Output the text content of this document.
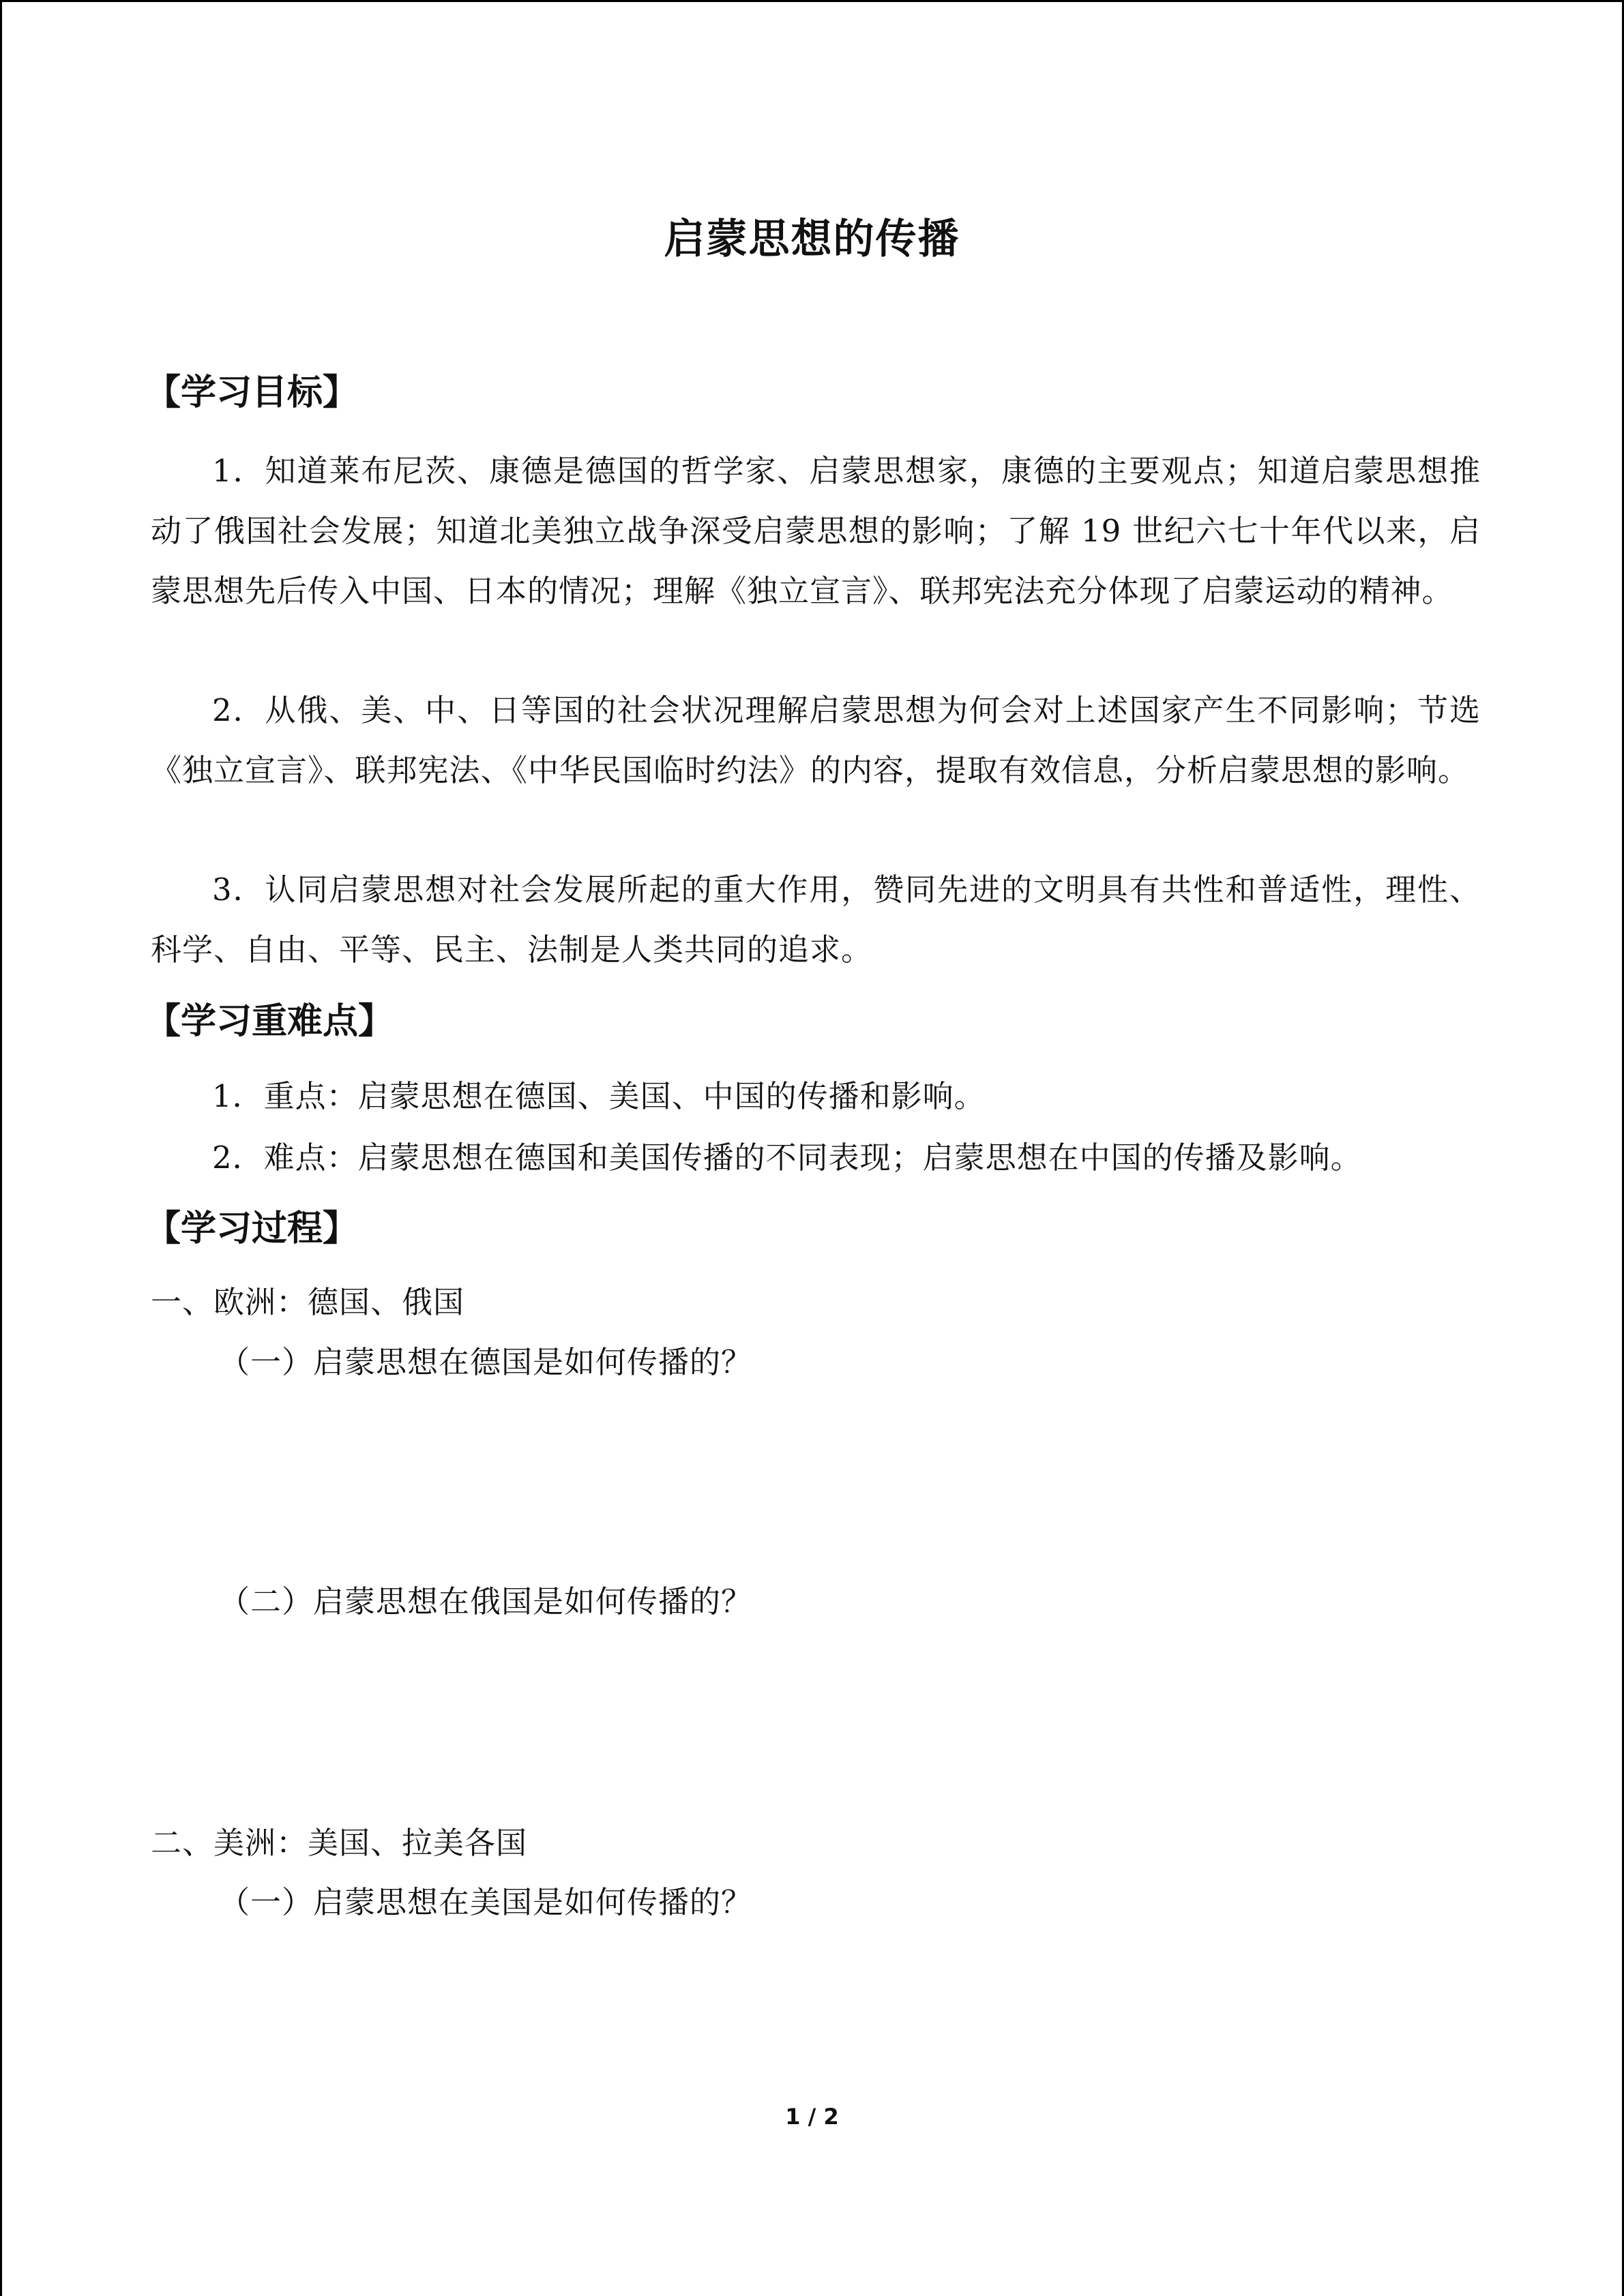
启蒙思想的传播
【学习目标】
1．知道莱布尼茨、康德是德国的哲学家、启蒙思想家，康德的主要观点；知道启蒙思想推动了俄国社会发展；知道北美独立战争深受启蒙思想的影响；了解 19 世纪六七十年代以来，启蒙思想先后传入中国、日本的情况；理解《独立宣言》、联邦宪法充分体现了启蒙运动的精神。
2．从俄、美、中、日等国的社会状况理解启蒙思想为何会对上述国家产生不同影响；节选《独立宣言》、联邦宪法、《中华民国临时约法》的内容，提取有效信息，分析启蒙思想的影响。
3．认同启蒙思想对社会发展所起的重大作用，赞同先进的文明具有共性和普适性，理性、科学、自由、平等、民主、法制是人类共同的追求。
【学习重难点】
1．重点：启蒙思想在德国、美国、中国的传播和影响。
2．难点：启蒙思想在德国和美国传播的不同表现；启蒙思想在中国的传播及影响。
【学习过程】
一、欧洲：德国、俄国
（一）启蒙思想在德国是如何传播的？
（二）启蒙思想在俄国是如何传播的？
二、美洲：美国、拉美各国
（一）启蒙思想在美国是如何传播的？
1 / 2
